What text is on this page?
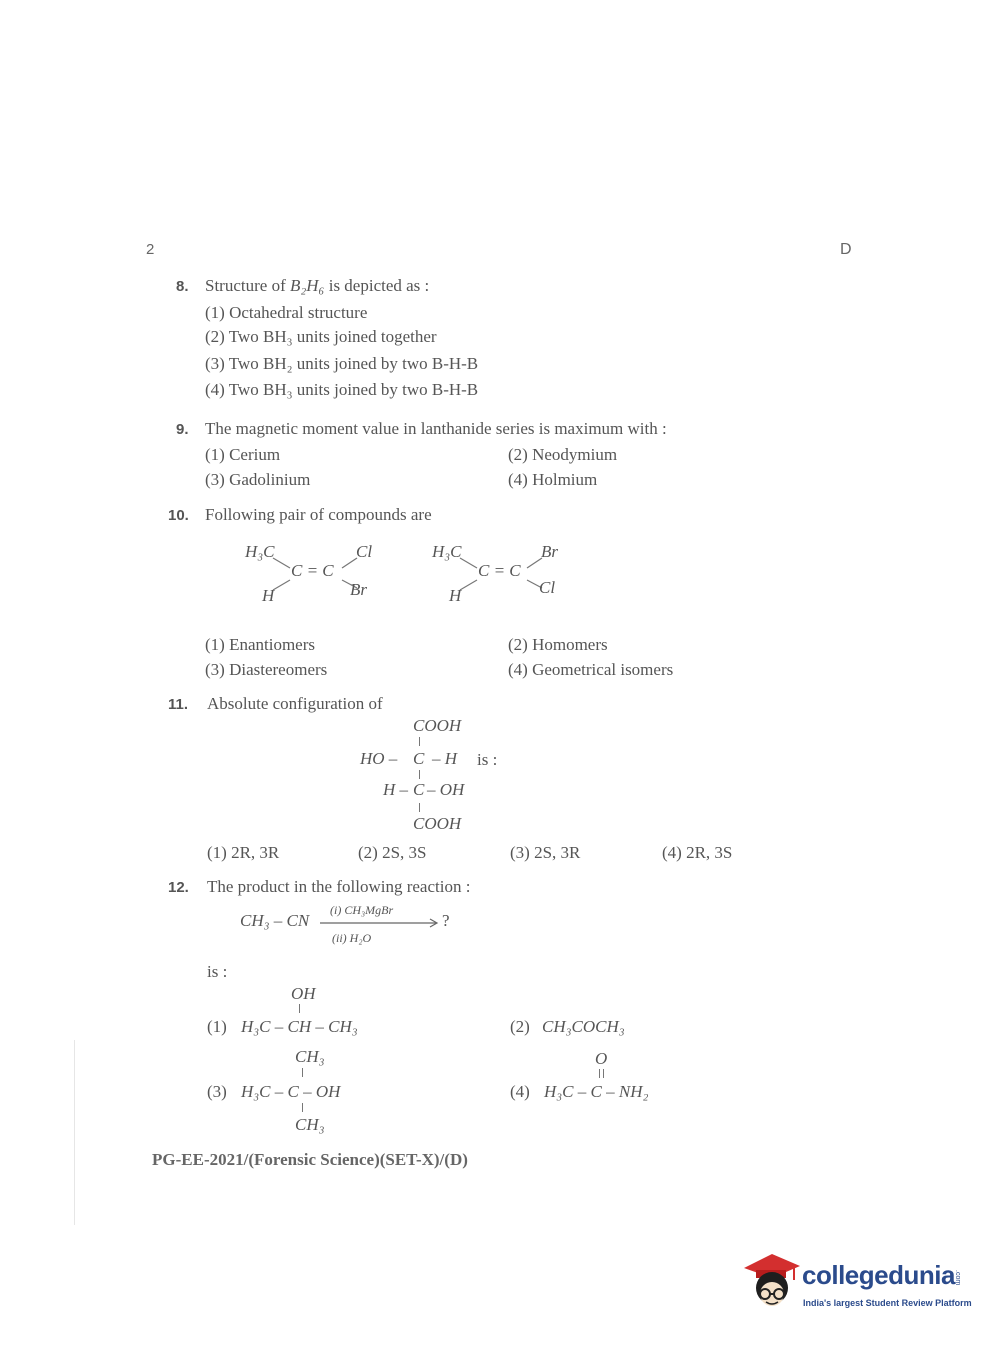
2	D
8. Structure of B₂H₆ is depicted as :
(1) Octahedral structure
(2) Two BH₃ units joined together
(3) Two BH₂ units joined by two B-H-B
(4) Two BH₃ units joined by two B-H-B
9. The magnetic moment value in lanthanide series is maximum with :
(1) Cerium	(2) Neodymium
(3) Gadolinium	(4) Holmium
10. Following pair of compounds are
H₃C
H
C = C
Cl
Br
H₃C
H
C = C
Br
Cl
(1) Enantiomers	(2) Homomers
(3) Diastereomers	(4) Geometrical isomers
11. Absolute configuration of
COOH
HO – C – H is :
H – C – OH
COOH
(1) 2R, 3R	(2) 2S, 3S	(3) 2S, 3R	(4) 2R, 3S
12. The product in the following reaction :
CH₃ – CN
(i) CH₃MgBr
?
(ii) H₂O
is :
OH
(1) H₃C – CH – CH₃	(2) CH₃COCH₃
CH₃
(3) H₃C – C – OH
CH₃
O
(4) H₃C – C – NH₂
PG-EE-2021/(Forensic Science)(SET-X)/(D)
collegedunia .com
India's largest Student Review Platform
